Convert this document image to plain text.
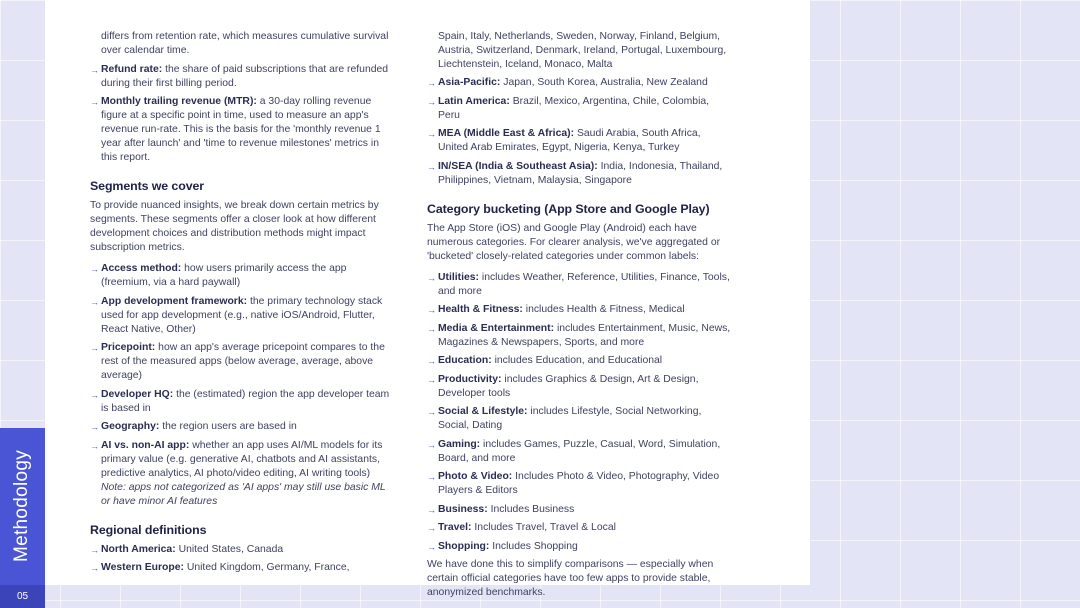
Methodology
05
differs from retention rate, which measures cumulative survival over calendar time.
→ Refund rate: the share of paid subscriptions that are refunded during their first billing period.
→ Monthly trailing revenue (MTR): a 30-day rolling revenue figure at a specific point in time, used to measure an app's revenue run-rate. This is the basis for the 'monthly revenue 1 year after launch' and 'time to revenue milestones' metrics in this report.
Segments we cover

To provide nuanced insights, we break down certain metrics by segments. These segments offer a closer look at how different development choices and distribution methods might impact subscription metrics.

→ Access method: how users primarily access the app (freemium, via a hard paywall)
→ App development framework: the primary technology stack used for app development (e.g., native iOS/Android, Flutter, React Native, Other)
→ Pricepoint: how an app's average pricepoint compares to the rest of the measured apps (below average, average, above average)
→ Developer HQ: the (estimated) region the app developer team is based in
→ Geography: the region users are based in
→ AI vs. non-AI app: whether an app uses AI/ML models for its primary value (e.g. generative AI, chatbots and AI assistants, predictive analytics, AI photo/video editing, AI writing tools) Note: apps not categorized as 'AI apps' may still use basic ML or have minor AI features
Regional definitions
→ North America: United States, Canada
→ Western Europe: United Kingdom, Germany, France,
Spain, Italy, Netherlands, Sweden, Norway, Finland, Belgium, Austria, Switzerland, Denmark, Ireland, Portugal, Luxembourg, Liechtenstein, Iceland, Monaco, Malta
→ Asia-Pacific: Japan, South Korea, Australia, New Zealand
→ Latin America: Brazil, Mexico, Argentina, Chile, Colombia, Peru
→ MEA (Middle East & Africa): Saudi Arabia, South Africa, United Arab Emirates, Egypt, Nigeria, Kenya, Turkey
→ IN/SEA (India & Southeast Asia): India, Indonesia, Thailand, Philippines, Vietnam, Malaysia, Singapore
Category bucketing (App Store and Google Play)

The App Store (iOS) and Google Play (Android) each have numerous categories. For clearer analysis, we've aggregated or 'bucketed' closely-related categories under common labels:

→ Utilities: includes Weather, Reference, Utilities, Finance, Tools, and more
→ Health & Fitness: includes Health & Fitness, Medical
→ Media & Entertainment: includes Entertainment, Music, News, Magazines & Newspapers, Sports, and more
→ Education: includes Education, and Educational
→ Productivity: includes Graphics & Design, Art & Design, Developer tools
→ Social & Lifestyle: includes Lifestyle, Social Networking, Social, Dating
→ Gaming: includes Games, Puzzle, Casual, Word, Simulation, Board, and more
→ Photo & Video: Includes Photo & Video, Photography, Video Players & Editors
→ Business: Includes Business
→ Travel: Includes Travel, Travel & Local
→ Shopping: Includes Shopping

We have done this to simplify comparisons — especially when certain official categories have too few apps to provide stable, anonymized benchmarks.
